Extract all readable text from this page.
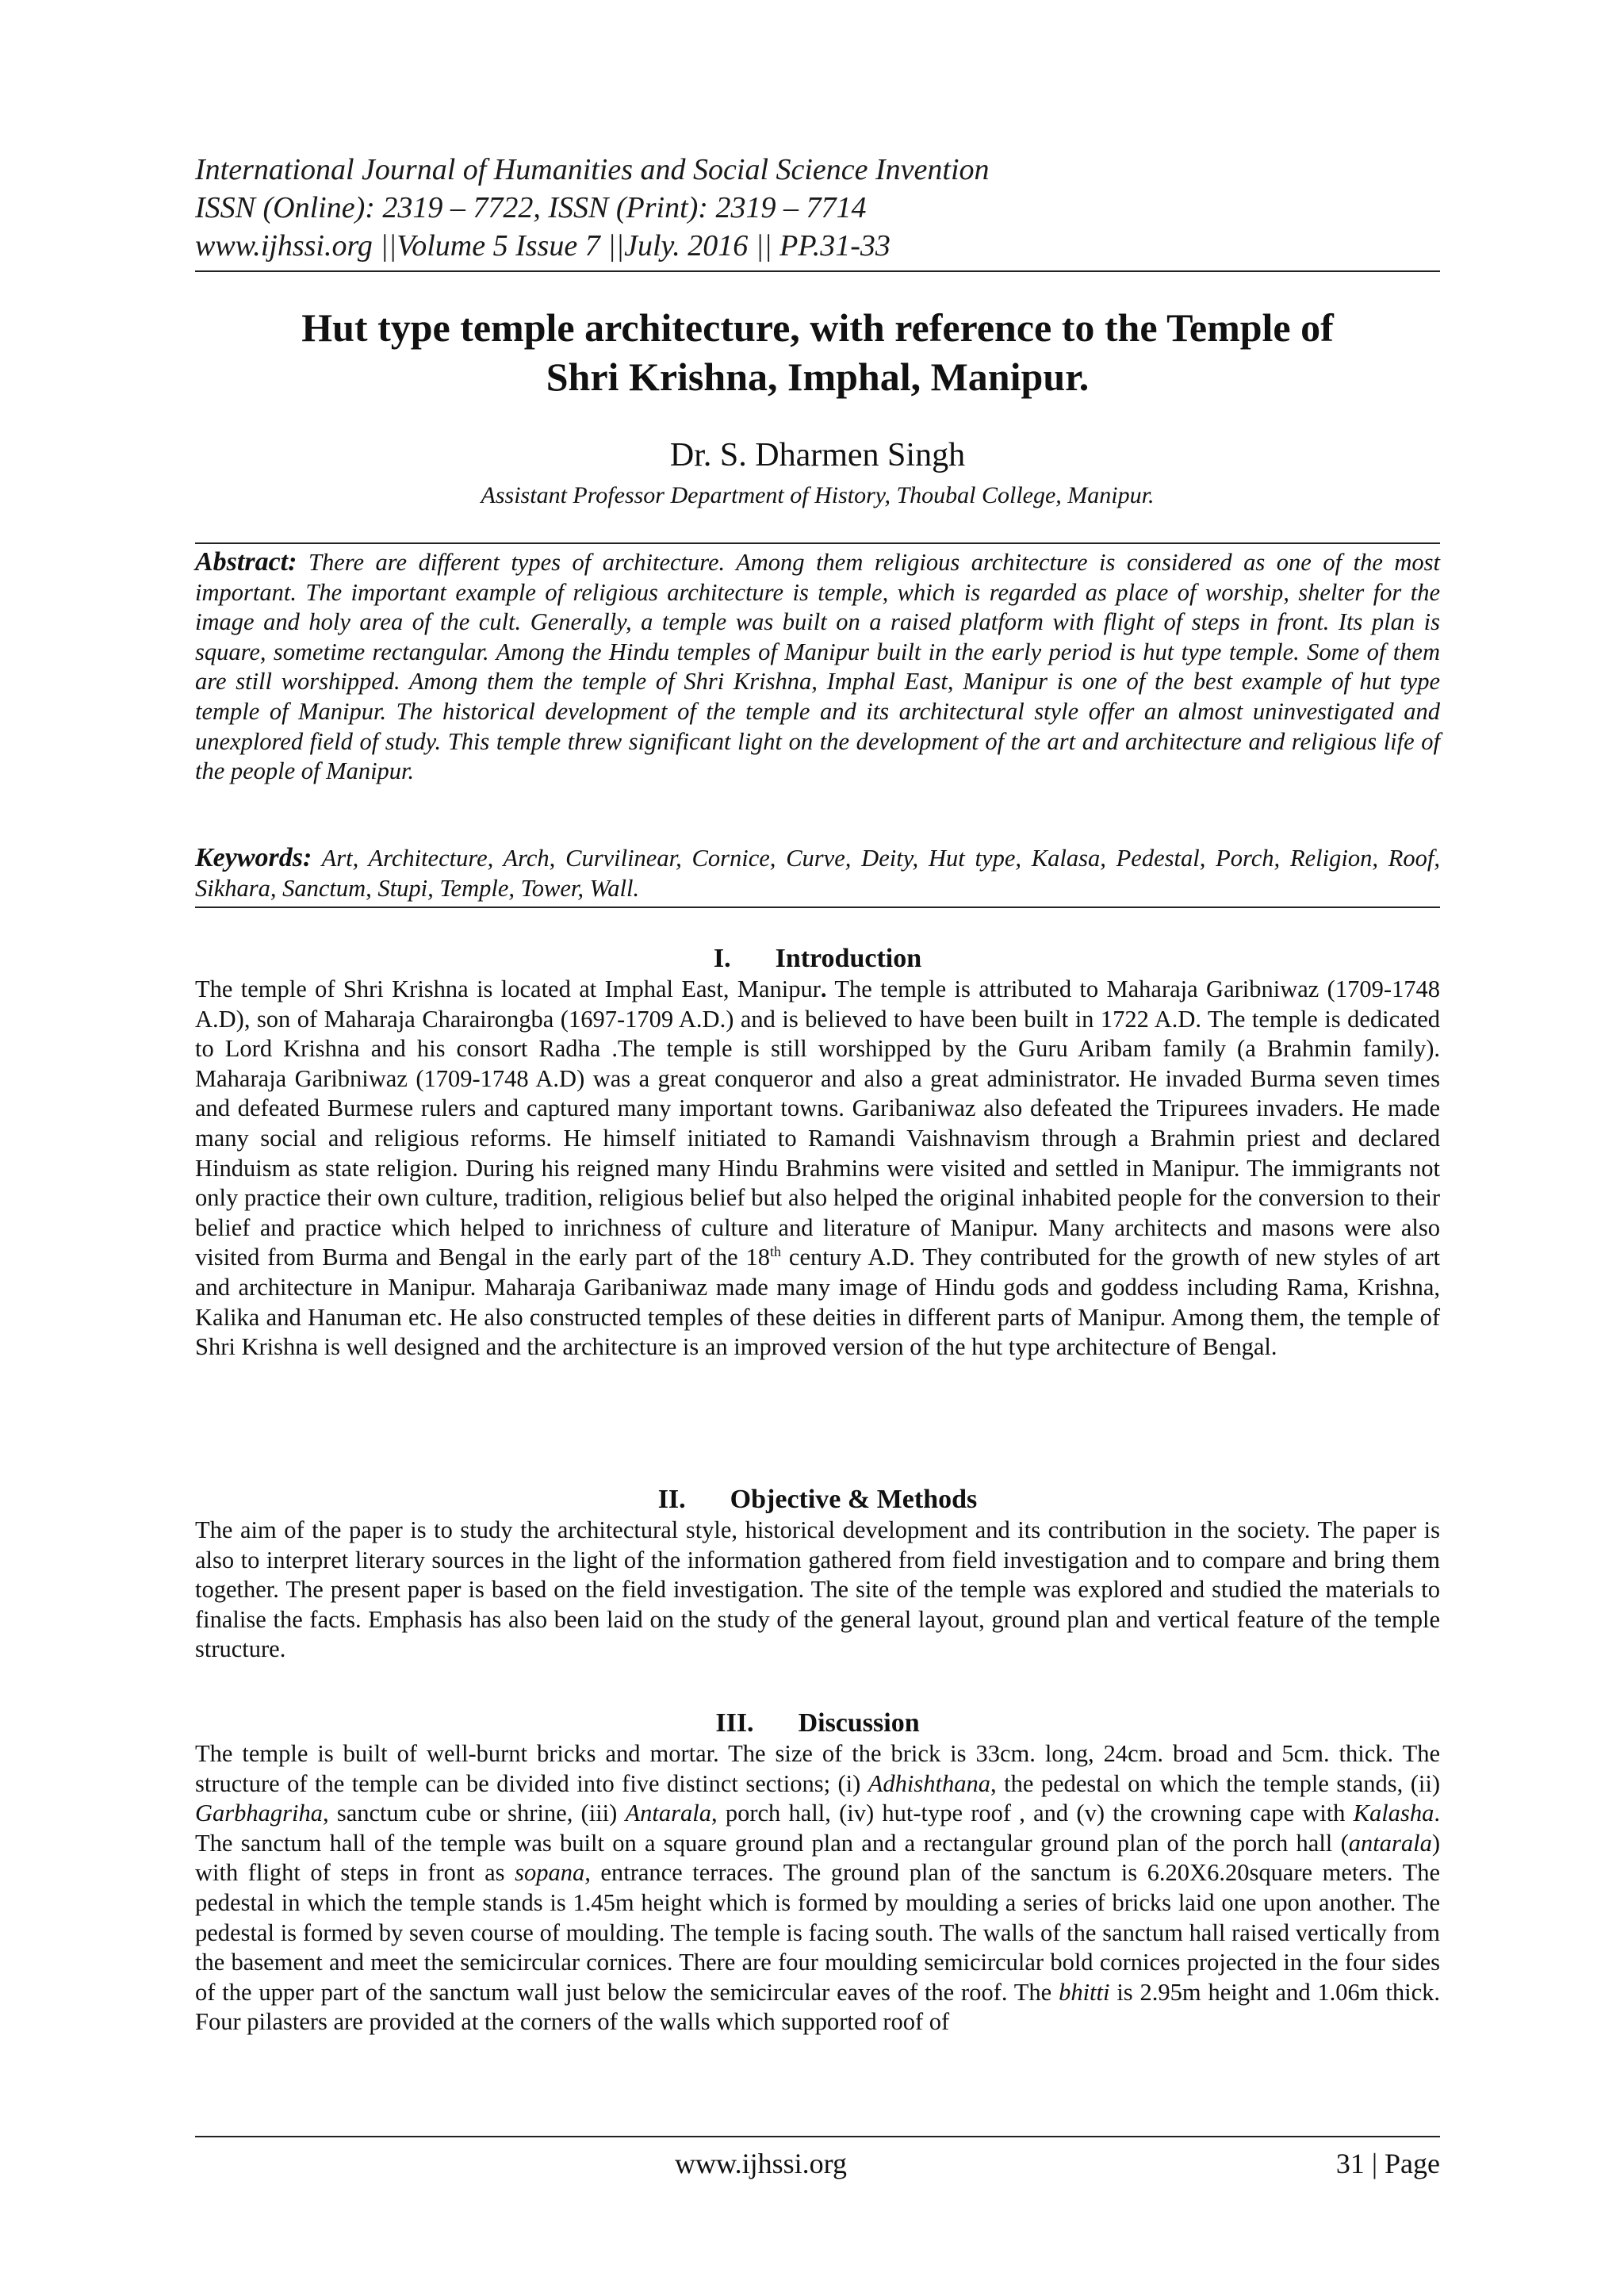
International Journal of Humanities and Social Science Invention
ISSN (Online): 2319 – 7722, ISSN (Print): 2319 – 7714
www.ijhssi.org ||Volume 5 Issue 7 ||July. 2016 || PP.31-33
Hut type temple architecture, with reference to the Temple of
Shri Krishna, Imphal, Manipur.
Dr. S. Dharmen Singh
Assistant Professor Department of History, Thoubal College, Manipur.
Abstract: There are different types of architecture. Among them religious architecture is considered as one of the most important. The important example of religious architecture is temple, which is regarded as place of worship, shelter for the image and holy area of the cult. Generally, a temple was built on a raised platform with flight of steps in front. Its plan is square, sometime rectangular. Among the Hindu temples of Manipur built in the early period is hut type temple. Some of them are still worshipped. Among them the temple of Shri Krishna, Imphal East, Manipur is one of the best example of hut type temple of Manipur. The historical development of the temple and its architectural style offer an almost uninvestigated and unexplored field of study. This temple threw significant light on the development of the art and architecture and religious life of the people of Manipur.
Keywords: Art, Architecture, Arch, Curvilinear, Cornice, Curve, Deity, Hut type, Kalasa, Pedestal, Porch, Religion, Roof, Sikhara, Sanctum, Stupi, Temple, Tower, Wall.
I. Introduction
The temple of Shri Krishna is located at Imphal East, Manipur. The temple is attributed to Maharaja Garibniwaz (1709-1748 A.D), son of Maharaja Charairongba (1697-1709 A.D.) and is believed to have been built in 1722 A.D. The temple is dedicated to Lord Krishna and his consort Radha .The temple is still worshipped by the Guru Aribam family (a Brahmin family). Maharaja Garibniwaz (1709-1748 A.D) was a great conqueror and also a great administrator. He invaded Burma seven times and defeated Burmese rulers and captured many important towns. Garibaniwaz also defeated the Tripurees invaders. He made many social and religious reforms. He himself initiated to Ramandi Vaishnavism through a Brahmin priest and declared Hinduism as state religion. During his reigned many Hindu Brahmins were visited and settled in Manipur. The immigrants not only practice their own culture, tradition, religious belief but also helped the original inhabited people for the conversion to their belief and practice which helped to inrichness of culture and literature of Manipur. Many architects and masons were also visited from Burma and Bengal in the early part of the 18th century A.D. They contributed for the growth of new styles of art and architecture in Manipur. Maharaja Garibaniwaz made many image of Hindu gods and goddess including Rama, Krishna, Kalika and Hanuman etc. He also constructed temples of these deities in different parts of Manipur. Among them, the temple of Shri Krishna is well designed and the architecture is an improved version of the hut type architecture of Bengal.
II. Objective & Methods
The aim of the paper is to study the architectural style, historical development and its contribution in the society. The paper is also to interpret literary sources in the light of the information gathered from field investigation and to compare and bring them together. The present paper is based on the field investigation. The site of the temple was explored and studied the materials to finalise the facts. Emphasis has also been laid on the study of the general layout, ground plan and vertical feature of the temple structure.
III. Discussion
The temple is built of well-burnt bricks and mortar. The size of the brick is 33cm. long, 24cm. broad and 5cm. thick. The structure of the temple can be divided into five distinct sections; (i) Adhishthana, the pedestal on which the temple stands, (ii) Garbhagriha, sanctum cube or shrine, (iii) Antarala, porch hall, (iv) hut-type roof , and (v) the crowning cape with Kalasha. The sanctum hall of the temple was built on a square ground plan and a rectangular ground plan of the porch hall (antarala) with flight of steps in front as sopana, entrance terraces. The ground plan of the sanctum is 6.20X6.20square meters. The pedestal in which the temple stands is 1.45m height which is formed by moulding a series of bricks laid one upon another. The pedestal is formed by seven course of moulding. The temple is facing south. The walls of the sanctum hall raised vertically from the basement and meet the semicircular cornices. There are four moulding semicircular bold cornices projected in the four sides of the upper part of the sanctum wall just below the semicircular eaves of the roof. The bhitti is 2.95m height and 1.06m thick. Four pilasters are provided at the corners of the walls which supported roof of
www.ijhssi.org	31 | Page
